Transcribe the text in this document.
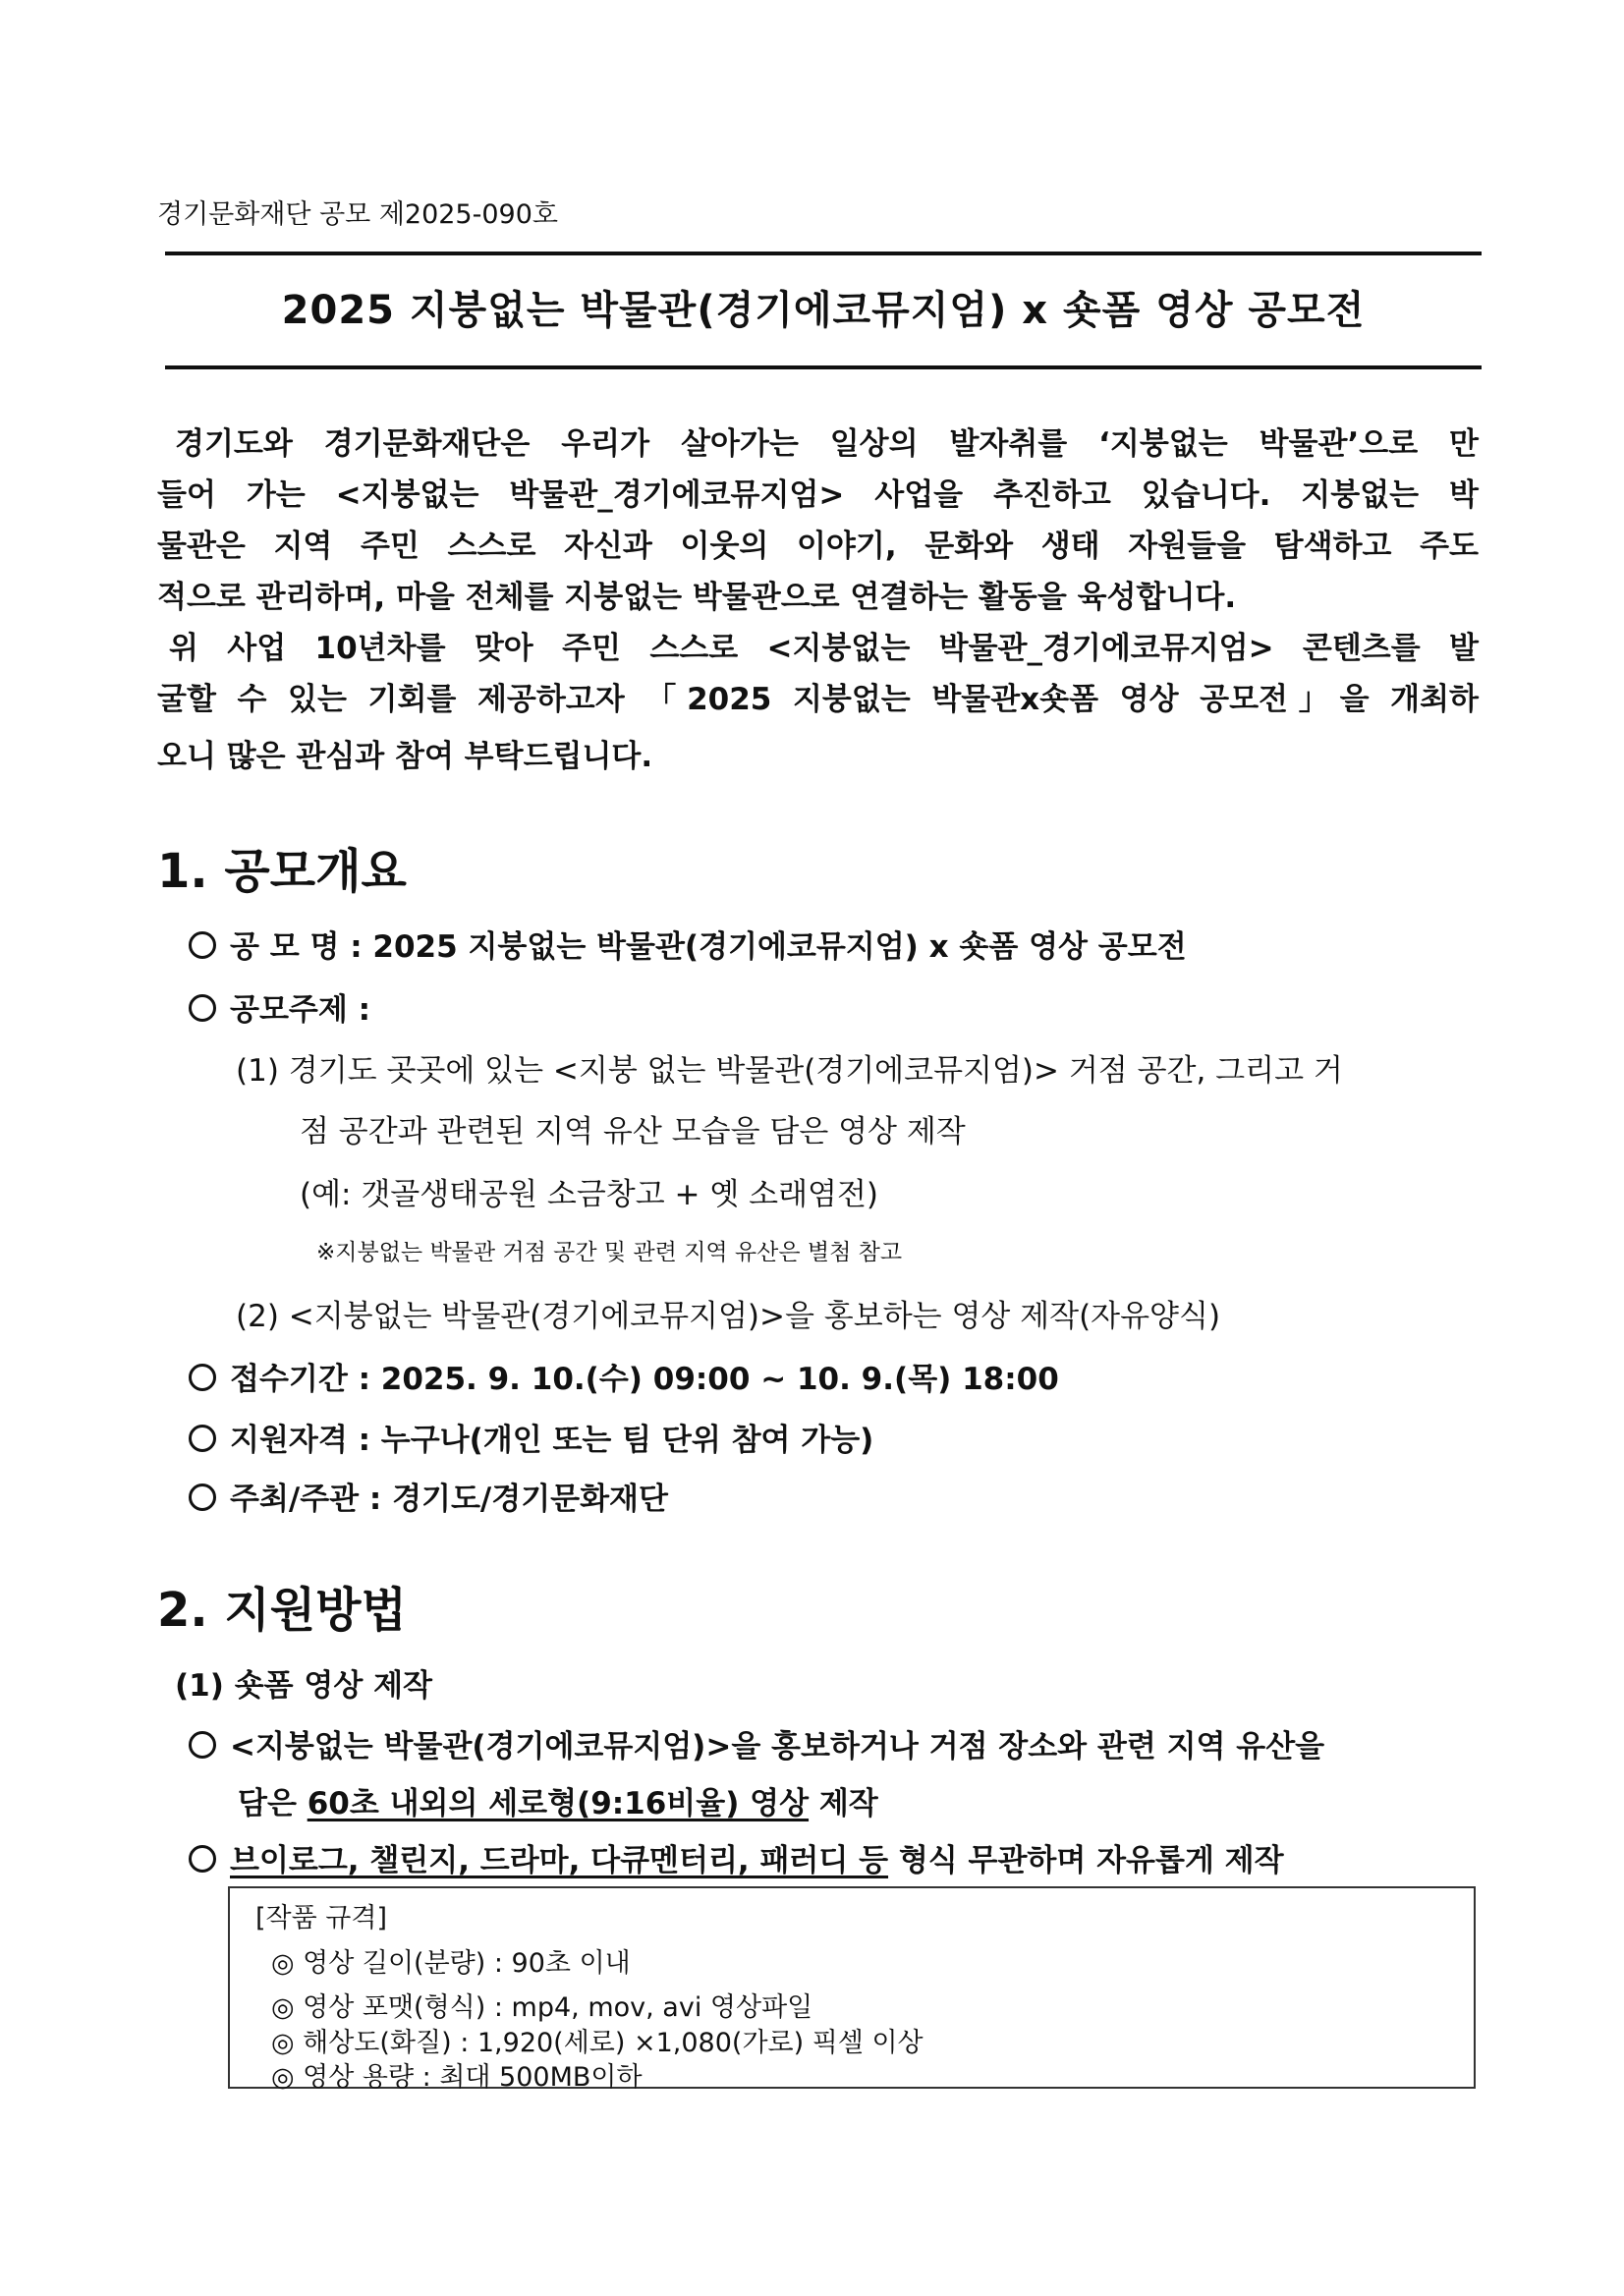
경기문화재단 공모 제2025-090호
2025 지붕없는 박물관(경기에코뮤지엄) x 숏폼 영상 공모전
경기도와 경기문화재단은 우리가 살아가는 일상의 발자취를 ‘지붕없는 박물관’으로 만
들어 가는 <지붕없는 박물관_경기에코뮤지엄> 사업을 추진하고 있습니다. 지붕없는 박
물관은 지역 주민 스스로 자신과 이웃의 이야기, 문화와 생태 자원들을 탐색하고 주도
적으로 관리하며, 마을 전체를 지붕없는 박물관으로 연결하는 활동을 육성합니다.
위 사업 10년차를 맞아 주민 스스로 <지붕없는 박물관_경기에코뮤지엄> 콘텐츠를 발
굴할 수 있는 기회를 제공하고자 「2025 지붕없는 박물관x숏폼 영상 공모전」을 개최하
오니 많은 관심과 참여 부탁드립니다.
1. 공모개요
공 모 명 : 2025 지붕없는 박물관(경기에코뮤지엄) x 숏폼 영상 공모전
공모주제 :
(1) 경기도 곳곳에 있는 <지붕 없는 박물관(경기에코뮤지엄)> 거점 공간, 그리고 거
점 공간과 관련된 지역 유산 모습을 담은 영상 제작
(예: 갯골생태공원 소금창고 + 옛 소래염전)
※지붕없는 박물관 거점 공간 및 관련 지역 유산은 별첨 참고
(2) <지붕없는 박물관(경기에코뮤지엄)>을 홍보하는 영상 제작(자유양식)
접수기간 : 2025. 9. 10.(수) 09:00 ~ 10. 9.(목) 18:00
지원자격 : 누구나(개인 또는 팀 단위 참여 가능)
주최/주관 : 경기도/경기문화재단
2. 지원방법
(1) 숏폼 영상 제작
<지붕없는 박물관(경기에코뮤지엄)>을 홍보하거나 거점 장소와 관련 지역 유산을
담은 60초 내외의 세로형(9:16비율) 영상 제작
브이로그, 챌린지, 드라마, 다큐멘터리, 패러디 등 형식 무관하며 자유롭게 제작
[작품 규격]
◎ 영상 길이(분량) : 90초 이내
◎ 영상 포맷(형식) : mp4, mov, avi 영상파일
◎ 해상도(화질) : 1,920(세로) ×1,080(가로) 픽셀 이상
◎ 영상 용량 : 최대 500MB이하
